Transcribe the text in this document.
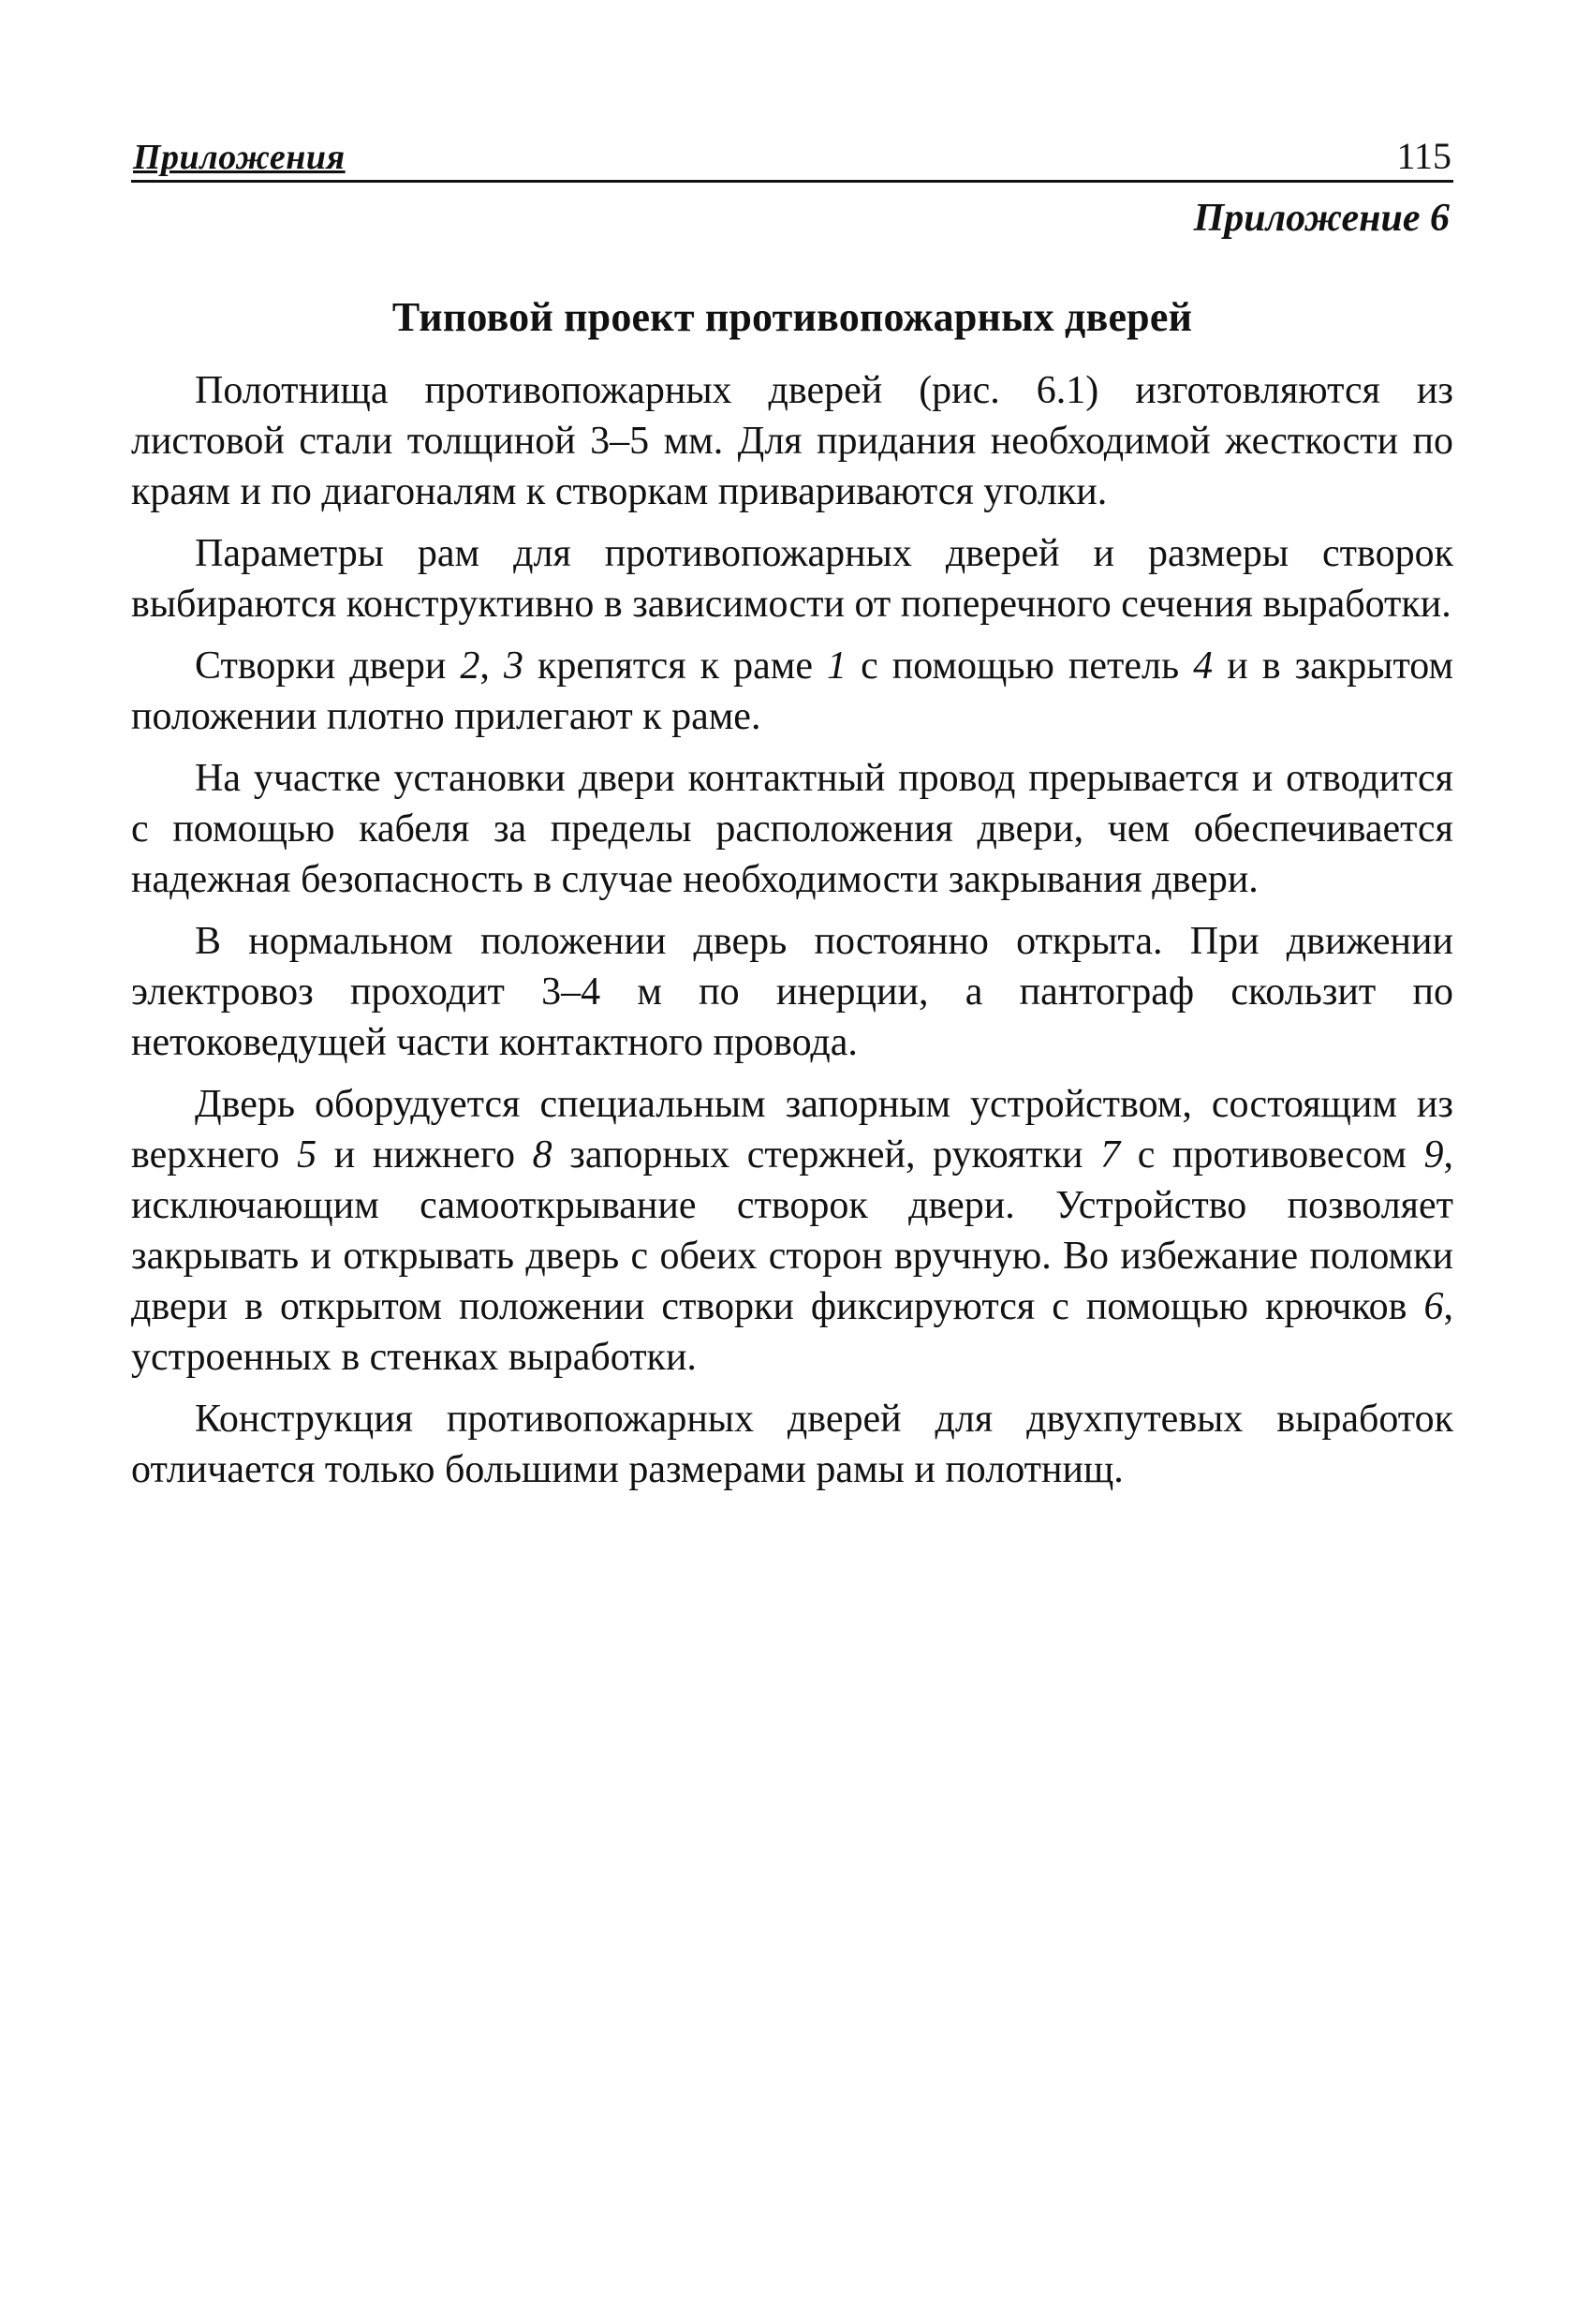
Приложения	115
Приложение 6
Типовой проект противопожарных дверей

Полотнища противопожарных дверей (рис. 6.1) изготовляются из листовой стали толщиной 3–5 мм. Для придания необходимой жесткости по краям и по диагоналям к створкам привариваются уголки.

Параметры рам для противопожарных дверей и размеры створок выбираются конструктивно в зависимости от поперечного сечения выработки.

Створки двери 2, 3 крепятся к раме 1 с помощью петель 4 и в закрытом положении плотно прилегают к раме.

На участке установки двери контактный провод прерывается и отводится с помощью кабеля за пределы расположения двери, чем обеспечивается надежная безопасность в случае необходимости закрывания двери.

В нормальном положении дверь постоянно открыта. При движении электровоз проходит 3–4 м по инерции, а пантограф скользит по нетоковедущей части контактного провода.

Дверь оборудуется специальным запорным устройством, состоящим из верхнего 5 и нижнего 8 запорных стержней, рукоятки 7 с противовесом 9, исключающим самооткрывание створок двери. Устройство позволяет закрывать и открывать дверь с обеих сторон вручную. Во избежание поломки двери в открытом положении створки фиксируются с помощью крючков 6, устроенных в стенках выработки.

Конструкция противопожарных дверей для двухпутевых выработок отличается только большими размерами рамы и полотнищ.
